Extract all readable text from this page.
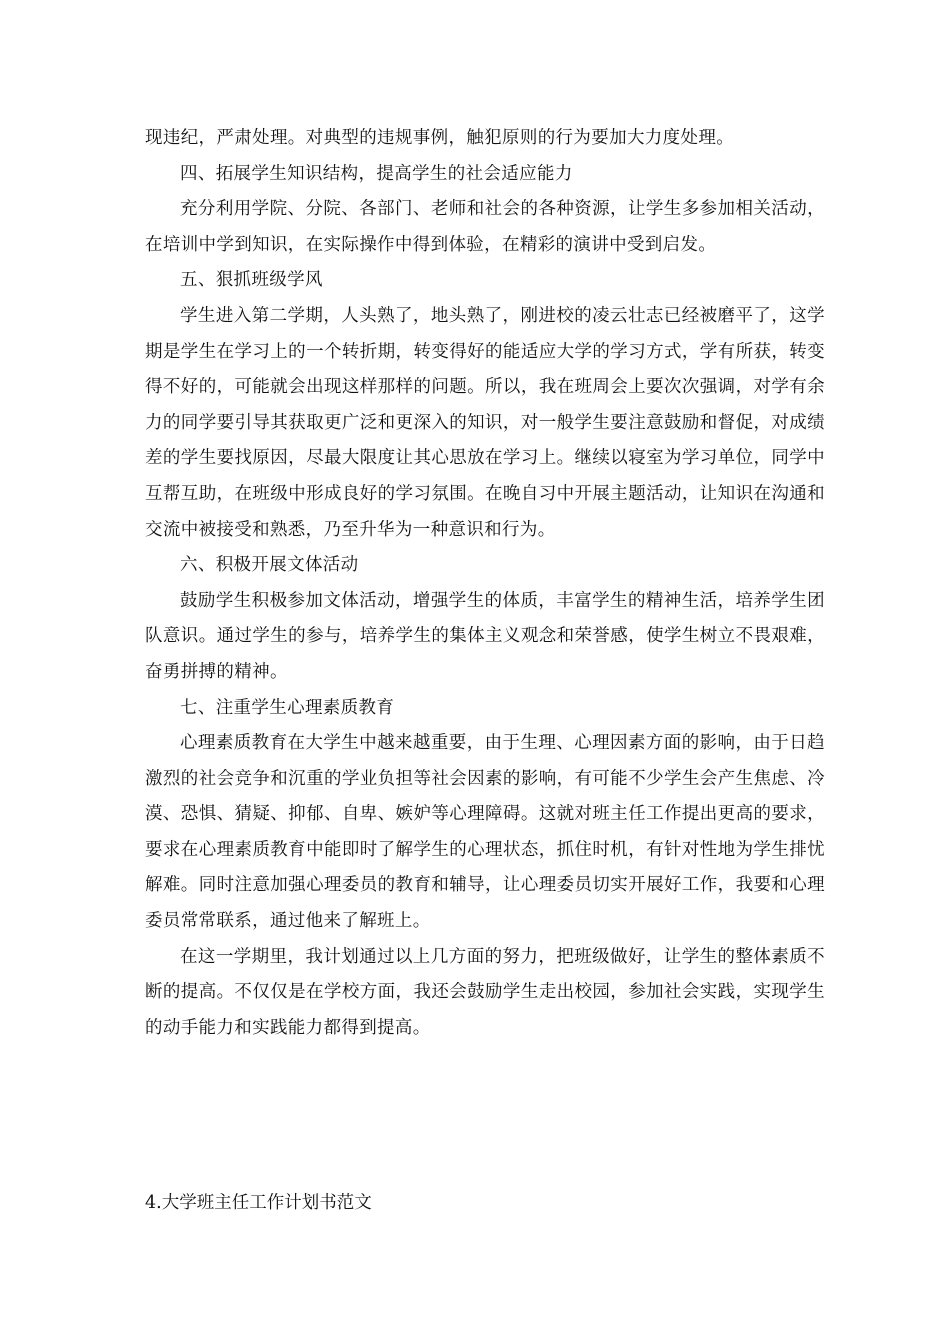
现违纪，严肃处理。对典型的违规事例，触犯原则的行为要加大力度处理。

四、拓展学生知识结构，提高学生的社会适应能力

充分利用学院、分院、各部门、老师和社会的各种资源，让学生多参加相关活动，在培训中学到知识，在实际操作中得到体验，在精彩的演讲中受到启发。

五、狠抓班级学风

学生进入第二学期，人头熟了，地头熟了，刚进校的凌云壮志已经被磨平了，这学期是学生在学习上的一个转折期，转变得好的能适应大学的学习方式，学有所获，转变得不好的，可能就会出现这样那样的问题。所以，我在班周会上要次次强调，对学有余力的同学要引导其获取更广泛和更深入的知识，对一般学生要注意鼓励和督促，对成绩差的学生要找原因，尽最大限度让其心思放在学习上。继续以寝室为学习单位，同学中互帮互助，在班级中形成良好的学习氛围。在晚自习中开展主题活动，让知识在沟通和交流中被接受和熟悉，乃至升华为一种意识和行为。

六、积极开展文体活动

鼓励学生积极参加文体活动，增强学生的体质，丰富学生的精神生活，培养学生团队意识。通过学生的参与，培养学生的集体主义观念和荣誉感，使学生树立不畏艰难，奋勇拼搏的精神。

七、注重学生心理素质教育

心理素质教育在大学生中越来越重要，由于生理、心理因素方面的影响，由于日趋激烈的社会竞争和沉重的学业负担等社会因素的影响，有可能不少学生会产生焦虑、冷漠、恐惧、猜疑、抑郁、自卑、嫉妒等心理障碍。这就对班主任工作提出更高的要求，要求在心理素质教育中能即时了解学生的心理状态，抓住时机，有针对性地为学生排忧解难。同时注意加强心理委员的教育和辅导，让心理委员切实开展好工作，我要和心理委员常常联系，通过他来了解班上。

在这一学期里，我计划通过以上几方面的努力，把班级做好，让学生的整体素质不断的提高。不仅仅是在学校方面，我还会鼓励学生走出校园，参加社会实践，实现学生的动手能力和实践能力都得到提高。

4.大学班主任工作计划书范文
